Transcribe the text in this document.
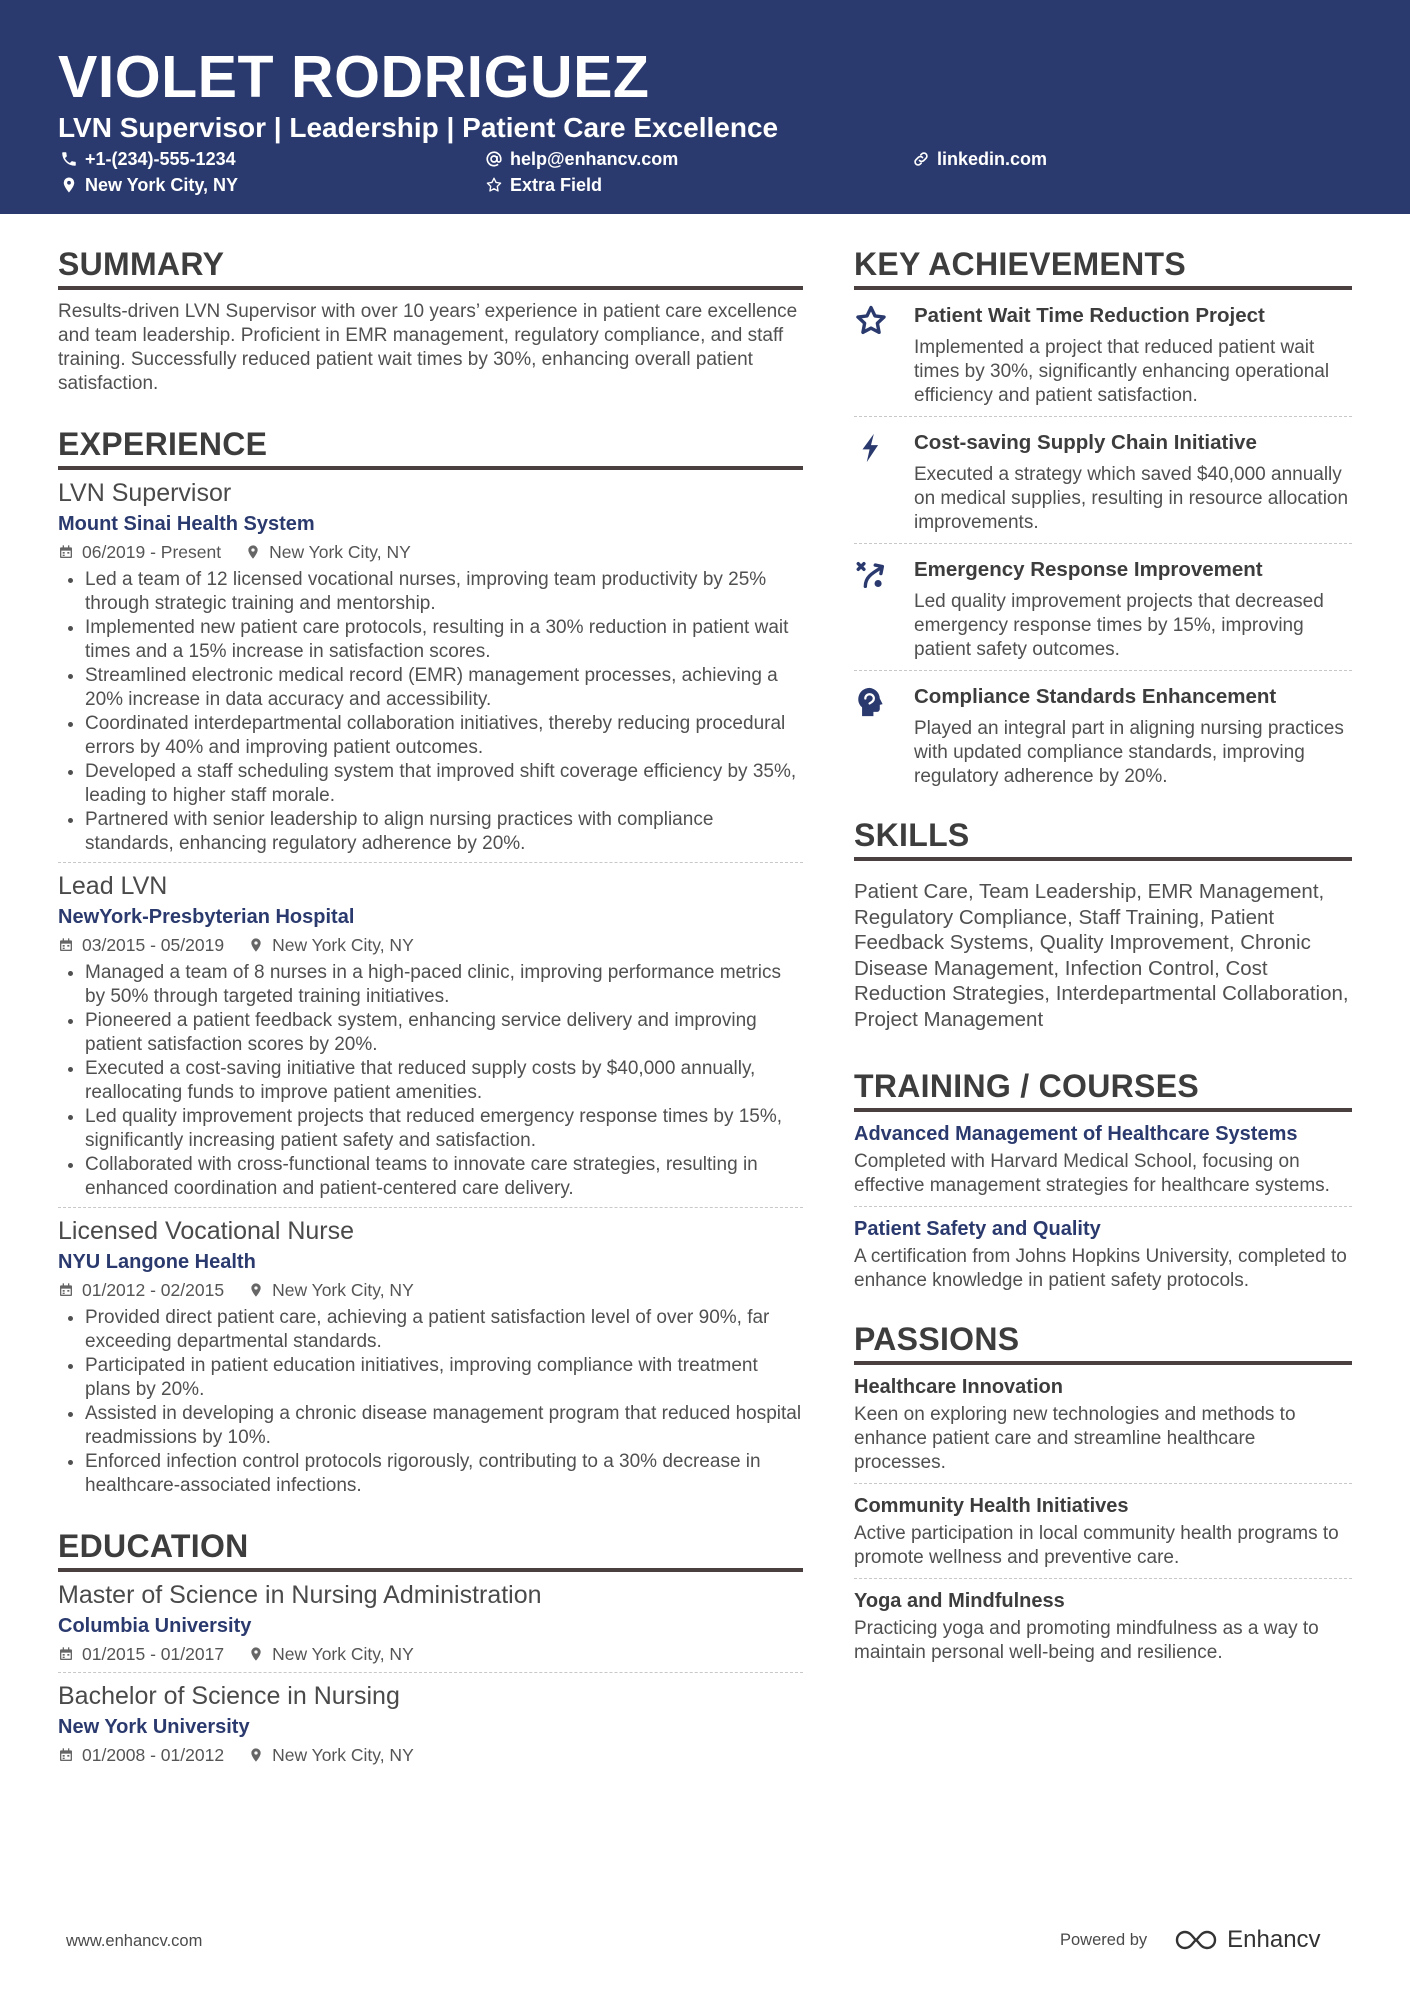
VIOLET RODRIGUEZ
LVN Supervisor | Leadership | Patient Care Excellence
+1-(234)-555-1234	help@enhancv.com	linkedin.com
New York City, NY	Extra Field
SUMMARY
Results-driven LVN Supervisor with over 10 years’ experience in patient care excellence and team leadership. Proficient in EMR management, regulatory compliance, and staff training. Successfully reduced patient wait times by 30%, enhancing overall patient satisfaction.
EXPERIENCE
LVN Supervisor
Mount Sinai Health System
06/2019 - Present	New York City, NY
• Led a team of 12 licensed vocational nurses, improving team productivity by 25% through strategic training and mentorship.
• Implemented new patient care protocols, resulting in a 30% reduction in patient wait times and a 15% increase in satisfaction scores.
• Streamlined electronic medical record (EMR) management processes, achieving a 20% increase in data accuracy and accessibility.
• Coordinated interdepartmental collaboration initiatives, thereby reducing procedural errors by 40% and improving patient outcomes.
• Developed a staff scheduling system that improved shift coverage efficiency by 35%, leading to higher staff morale.
• Partnered with senior leadership to align nursing practices with compliance standards, enhancing regulatory adherence by 20%.
Lead LVN
NewYork-Presbyterian Hospital
03/2015 - 05/2019	New York City, NY
• Managed a team of 8 nurses in a high-paced clinic, improving performance metrics by 50% through targeted training initiatives.
• Pioneered a patient feedback system, enhancing service delivery and improving patient satisfaction scores by 20%.
• Executed a cost-saving initiative that reduced supply costs by $40,000 annually, reallocating funds to improve patient amenities.
• Led quality improvement projects that reduced emergency response times by 15%, significantly increasing patient safety and satisfaction.
• Collaborated with cross-functional teams to innovate care strategies, resulting in enhanced coordination and patient-centered care delivery.
Licensed Vocational Nurse
NYU Langone Health
01/2012 - 02/2015	New York City, NY
• Provided direct patient care, achieving a patient satisfaction level of over 90%, far exceeding departmental standards.
• Participated in patient education initiatives, improving compliance with treatment plans by 20%.
• Assisted in developing a chronic disease management program that reduced hospital readmissions by 10%.
• Enforced infection control protocols rigorously, contributing to a 30% decrease in healthcare-associated infections.
EDUCATION
Master of Science in Nursing Administration
Columbia University
01/2015 - 01/2017	New York City, NY
Bachelor of Science in Nursing
New York University
01/2008 - 01/2012	New York City, NY
KEY ACHIEVEMENTS
Patient Wait Time Reduction Project
Implemented a project that reduced patient wait times by 30%, significantly enhancing operational efficiency and patient satisfaction.
Cost-saving Supply Chain Initiative
Executed a strategy which saved $40,000 annually on medical supplies, resulting in resource allocation improvements.
Emergency Response Improvement
Led quality improvement projects that decreased emergency response times by 15%, improving patient safety outcomes.
Compliance Standards Enhancement
Played an integral part in aligning nursing practices with updated compliance standards, improving regulatory adherence by 20%.
SKILLS
Patient Care, Team Leadership, EMR Management, Regulatory Compliance, Staff Training, Patient Feedback Systems, Quality Improvement, Chronic Disease Management, Infection Control, Cost Reduction Strategies, Interdepartmental Collaboration, Project Management
TRAINING / COURSES
Advanced Management of Healthcare Systems
Completed with Harvard Medical School, focusing on effective management strategies for healthcare systems.
Patient Safety and Quality
A certification from Johns Hopkins University, completed to enhance knowledge in patient safety protocols.
PASSIONS
Healthcare Innovation
Keen on exploring new technologies and methods to enhance patient care and streamline healthcare processes.
Community Health Initiatives
Active participation in local community health programs to promote wellness and preventive care.
Yoga and Mindfulness
Practicing yoga and promoting mindfulness as a way to maintain personal well-being and resilience.
www.enhancv.com	Powered by	Enhancv
